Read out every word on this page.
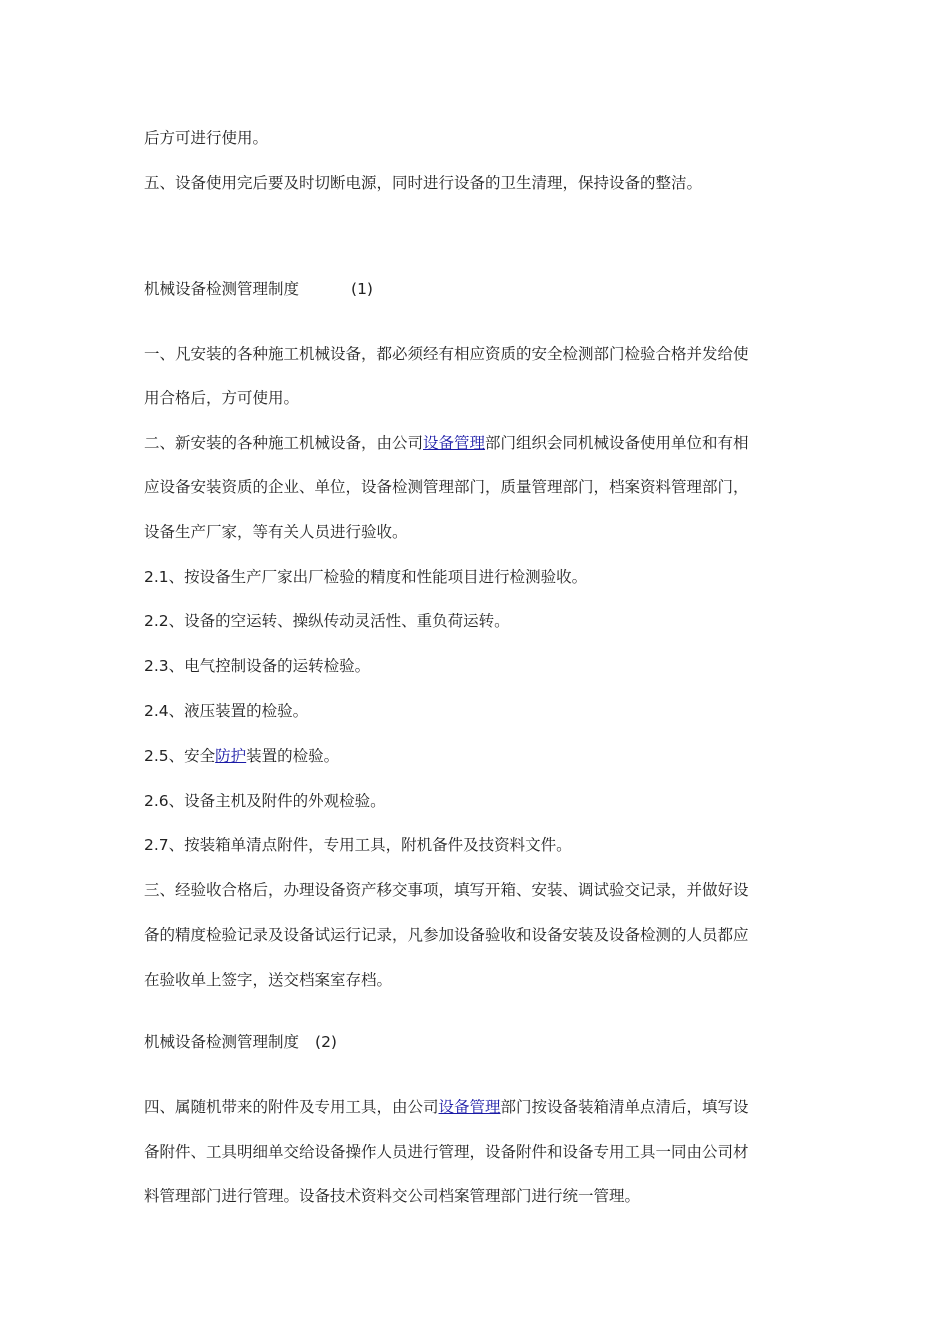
后方可进行使用。
五、设备使用完后要及时切断电源，同时进行设备的卫生清理，保持设备的整洁。
机械设备检测管理制度	(1)
一、凡安装的各种施工机械设备，都必须经有相应资质的安全检测部门检验合格并发给使
用合格后，方可使用。
二、新安装的各种施工机械设备，由公司设备管理部门组织会同机械设备使用单位和有相
应设备安装资质的企业、单位，设备检测管理部门，质量管理部门，档案资料管理部门，
设备生产厂家，等有关人员进行验收。
2.1、按设备生产厂家出厂检验的精度和性能项目进行检测验收。
2.2、设备的空运转、操纵传动灵活性、重负荷运转。
2.3、电气控制设备的运转检验。
2.4、液压装置的检验。
2.5、安全防护装置的检验。
2.6、设备主机及附件的外观检验。
2.7、按装箱单清点附件，专用工具，附机备件及技资料文件。
三、经验收合格后，办理设备资产移交事项，填写开箱、安装、调试验交记录，并做好设
备的精度检验记录及设备试运行记录，凡参加设备验收和设备安装及设备检测的人员都应
在验收单上签字，送交档案室存档。
机械设备检测管理制度 (2)
四、属随机带来的附件及专用工具，由公司设备管理部门按设备装箱清单点清后，填写设
备附件、工具明细单交给设备操作人员进行管理，设备附件和设备专用工具一同由公司材
料管理部门进行管理。设备技术资料交公司档案管理部门进行统一管理。
